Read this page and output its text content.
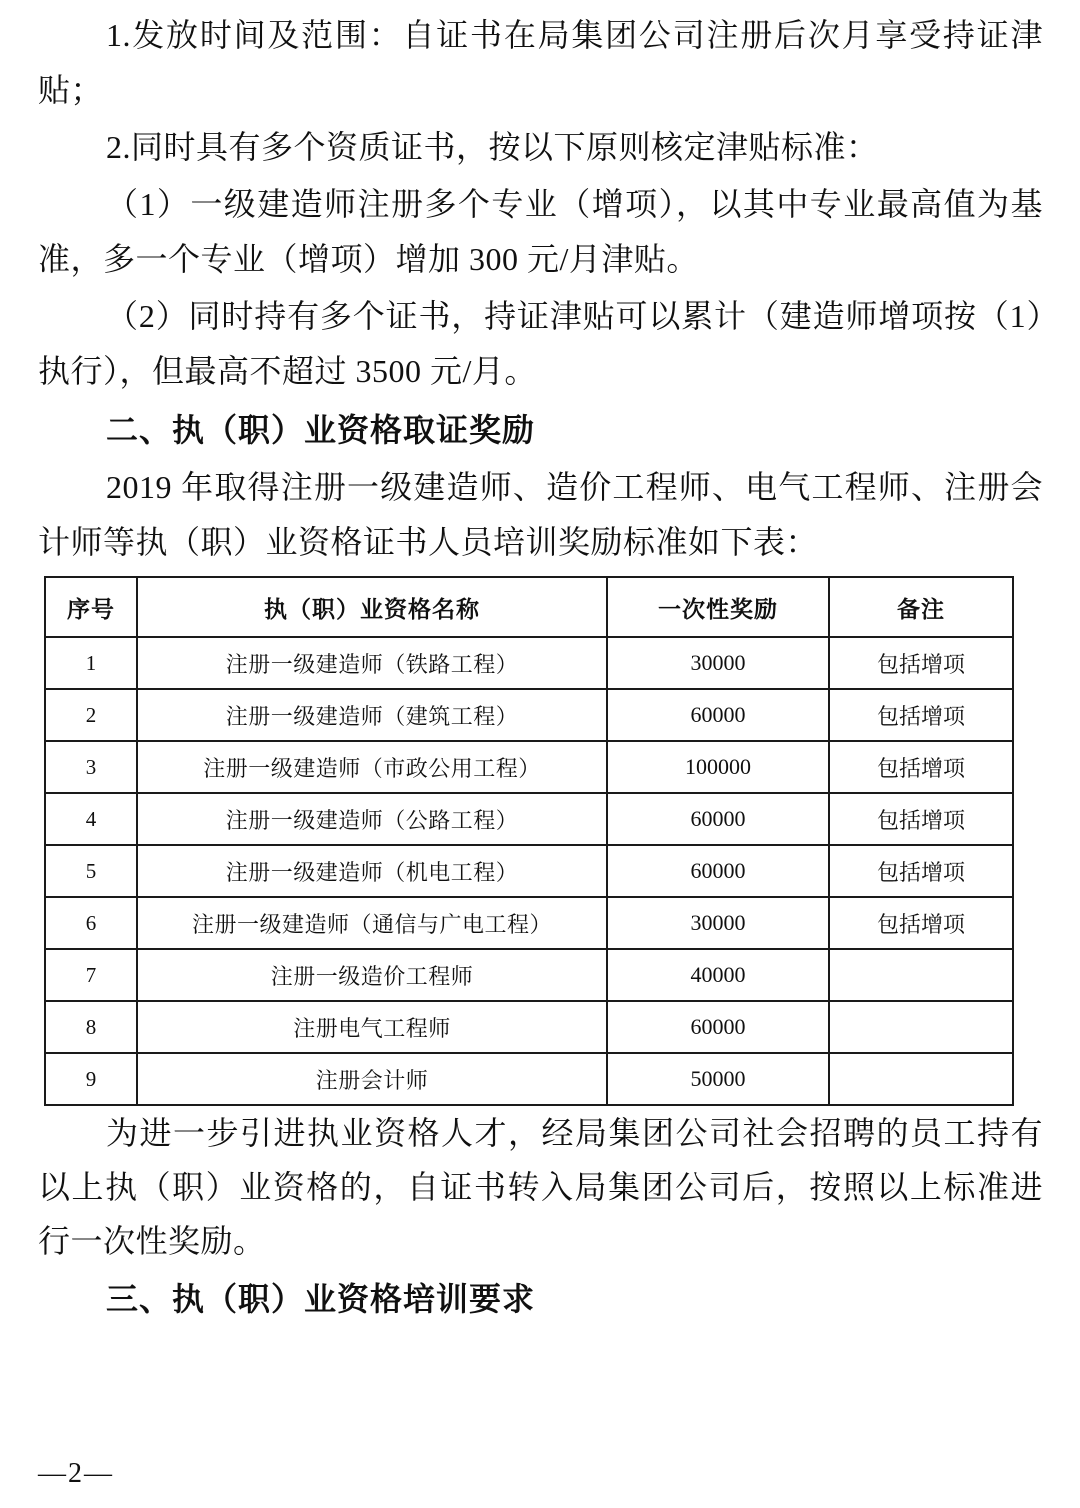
1.发放时间及范围：自证书在局集团公司注册后次月享受持证津贴；

2.同时具有多个资质证书，按以下原则核定津贴标准：

（1）一级建造师注册多个专业（增项），以其中专业最高值为基准，多一个专业（增项）增加 300 元/月津贴。

（2）同时持有多个证书，持证津贴可以累计（建造师增项按（1）执行），但最高不超过 3500 元/月。

二、执（职）业资格取证奖励

2019 年取得注册一级建造师、造价工程师、电气工程师、注册会计师等执（职）业资格证书人员培训奖励标准如下表：

序号	执（职）业资格名称	一次性奖励	备注
1	注册一级建造师（铁路工程）	30000	包括增项
2	注册一级建造师（建筑工程）	60000	包括增项
3	注册一级建造师（市政公用工程）	100000	包括增项
4	注册一级建造师（公路工程）	60000	包括增项
5	注册一级建造师（机电工程）	60000	包括增项
6	注册一级建造师（通信与广电工程）	30000	包括增项
7	注册一级造价工程师	40000	
8	注册电气工程师	60000	
9	注册会计师	50000	

为进一步引进执业资格人才，经局集团公司社会招聘的员工持有以上执（职）业资格的，自证书转入局集团公司后，按照以上标准进行一次性奖励。

三、执（职）业资格培训要求
—2—
